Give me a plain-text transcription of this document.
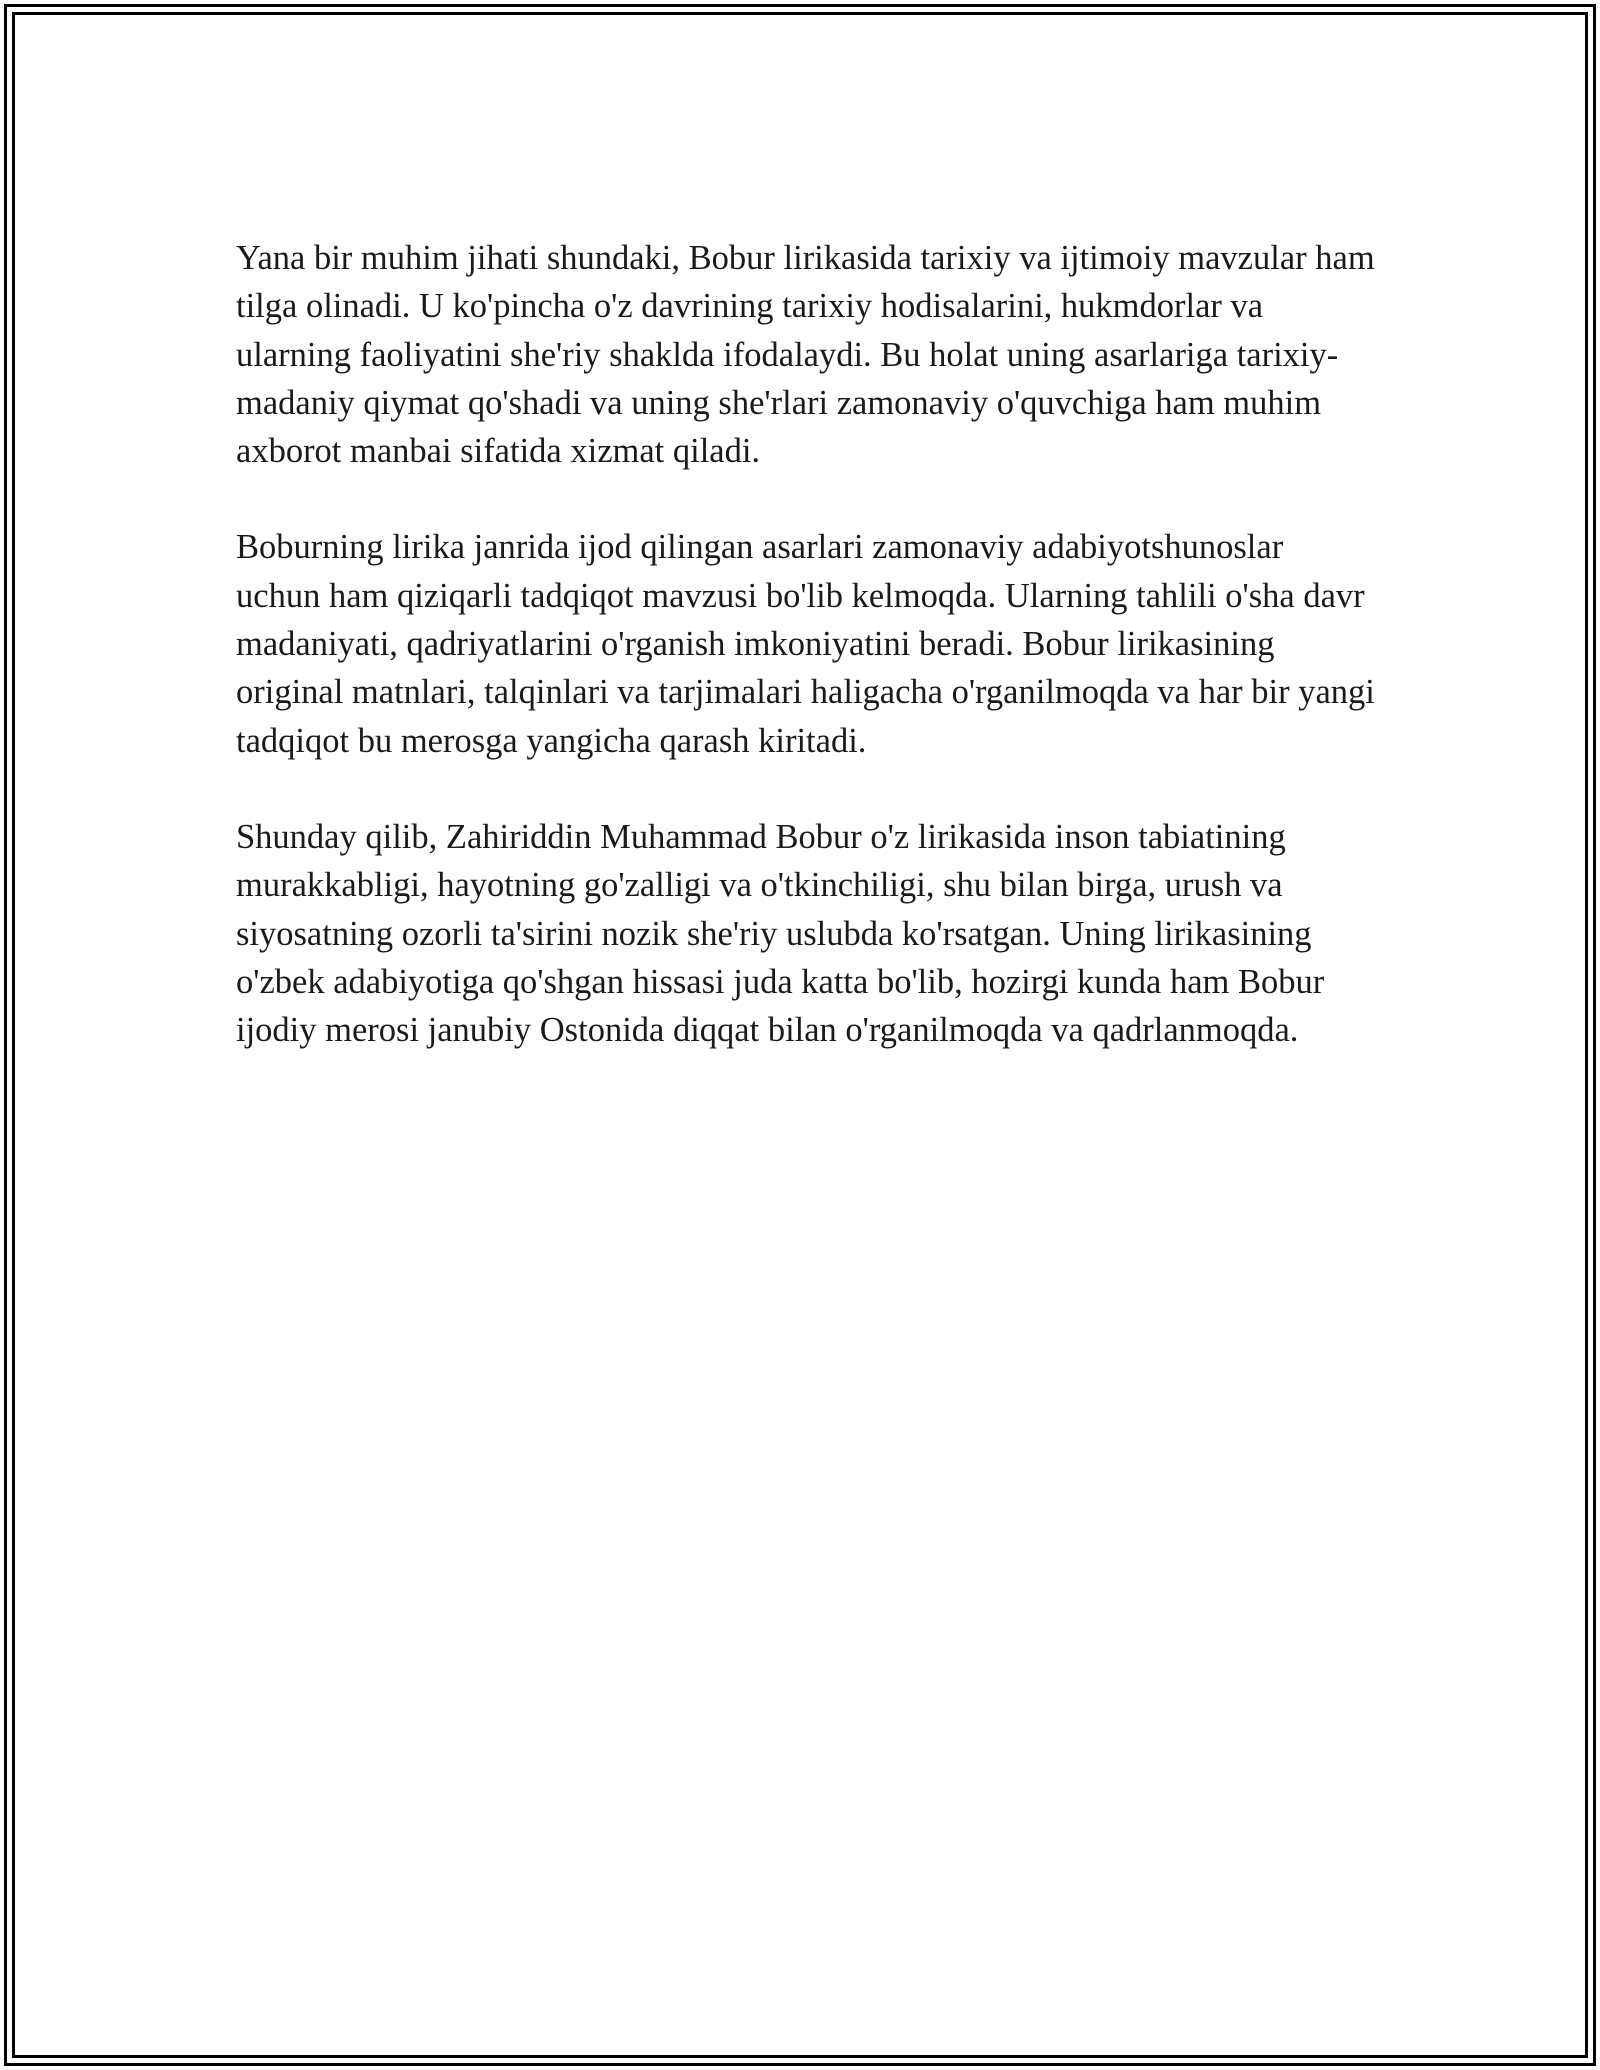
Yana bir muhim jihati shundaki, Bobur lirikasida tarixiy va ijtimoiy mavzular ham tilga olinadi. U ko'pincha o'z davrining tarixiy hodisalarini, hukmdorlar va ularning faoliyatini she'riy shaklda ifodalaydi. Bu holat uning asarlariga tarixiy-madaniy qiymat qo'shadi va uning she'rlari zamonaviy o'quvchiga ham muhim axborot manbai sifatida xizmat qiladi.

Boburning lirika janrida ijod qilingan asarlari zamonaviy adabiyotshunoslar uchun ham qiziqarli tadqiqot mavzusi bo'lib kelmoqda. Ularning tahlili o'sha davr madaniyati, qadriyatlarini o'rganish imkoniyatini beradi. Bobur lirikasining original matnlari, talqinlari va tarjimalari haligacha o'rganilmoqda va har bir yangi tadqiqot bu merosga yangicha qarash kiritadi.

Shunday qilib, Zahiriddin Muhammad Bobur o'z lirikasida inson tabiatining murakkabligi, hayotning go'zalligi va o'tkinchiligi, shu bilan birga, urush va siyosatning ozorli ta'sirini nozik she'riy uslubda ko'rsatgan. Uning lirikasining o'zbek adabiyotiga qo'shgan hissasi juda katta bo'lib, hozirgi kunda ham Bobur ijodiy merosi janubiy Ostonida diqqat bilan o'rganilmoqda va qadrlanmoqda.
